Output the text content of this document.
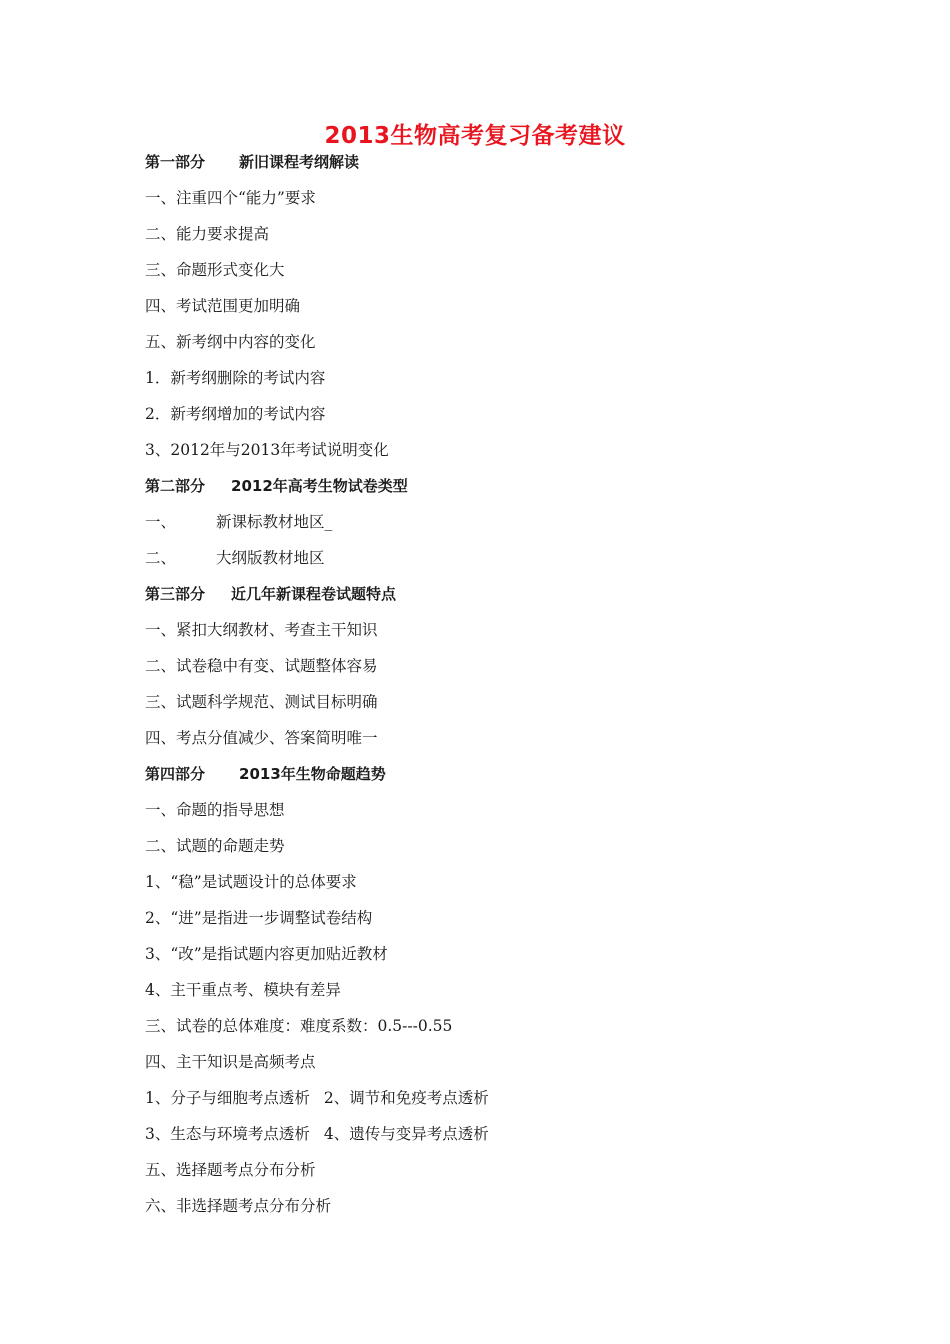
2013生物高考复习备考建议
第一部分 新旧课程考纲解读
一、注重四个“能力”要求
二、能力要求提高
三、命题形式变化大
四、考试范围更加明确
五、新考纲中内容的变化
1．新考纲删除的考试内容
2．新考纲增加的考试内容
3、2012年与2013年考试说明变化
第二部分 2012年高考生物试卷类型
一、	新课标教材地区_
二、	大纲版教材地区
第三部分 近几年新课程卷试题特点
一、紧扣大纲教材、考查主干知识
二、试卷稳中有变、试题整体容易
三、试题科学规范、测试目标明确
四、考点分值减少、答案简明唯一
第四部分 2013年生物命题趋势
一、命题的指导思想
二、试题的命题走势
1、“稳”是试题设计的总体要求
2、“进”是指进一步调整试卷结构
3、“改”是指试题内容更加贴近教材
4、主干重点考、模块有差异
三、试卷的总体难度：难度系数：0.5---0.55
四、主干知识是高频考点
1、分子与细胞考点透析 2、调节和免疫考点透析
3、生态与环境考点透析 4、遗传与变异考点透析
五、选择题考点分布分析
六、非选择题考点分布分析
